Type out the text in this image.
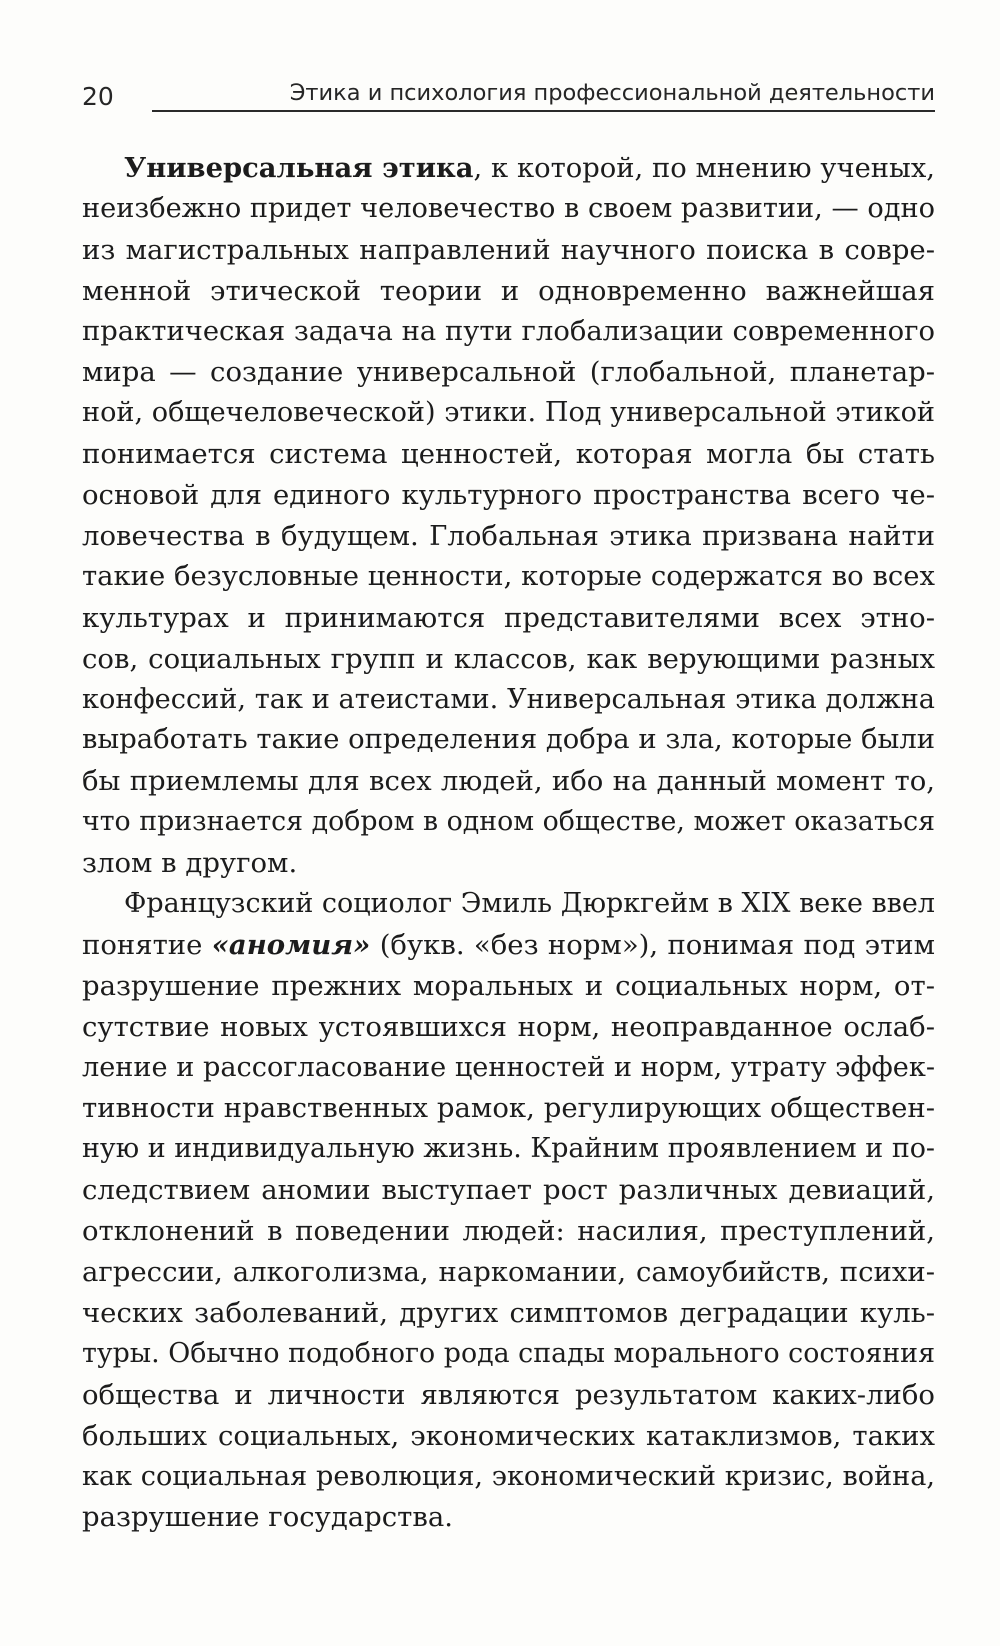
20	Этика и психология профессиональной деятельности
Универсальная этика, к которой, по мнению ученых,
неизбежно придет человечество в своем развитии, — одно
из магистральных направлений научного поиска в совре-
менной этической теории и одновременно важнейшая
практическая задача на пути глобализации современного
мира — создание универсальной (глобальной, планетар-
ной, общечеловеческой) этики. Под универсальной этикой
понимается система ценностей, которая могла бы стать
основой для единого культурного пространства всего че-
ловечества в будущем. Глобальная этика призвана найти
такие безусловные ценности, которые содержатся во всех
культурах и принимаются представителями всех этно-
сов, социальных групп и классов, как верующими разных
конфессий, так и атеистами. Универсальная этика должна
выработать такие определения добра и зла, которые были
бы приемлемы для всех людей, ибо на данный момент то,
что признается добром в одном обществе, может оказаться
злом в другом.
Французский социолог Эмиль Дюркгейм в XIX веке ввел
понятие «аномия» (букв. «без норм»), понимая под этим
разрушение прежних моральных и социальных норм, от-
сутствие новых устоявшихся норм, неоправданное ослаб-
ление и рассогласование ценностей и норм, утрату эффек-
тивности нравственных рамок, регулирующих обществен-
ную и индивидуальную жизнь. Крайним проявлением и по-
следствием аномии выступает рост различных девиаций,
отклонений в поведении людей: насилия, преступлений,
агрессии, алкоголизма, наркомании, самоубийств, психи-
ческих заболеваний, других симптомов деградации куль-
туры. Обычно подобного рода спады морального состояния
общества и личности являются результатом каких-либо
больших социальных, экономических катаклизмов, таких
как социальная революция, экономический кризис, война,
разрушение государства.
